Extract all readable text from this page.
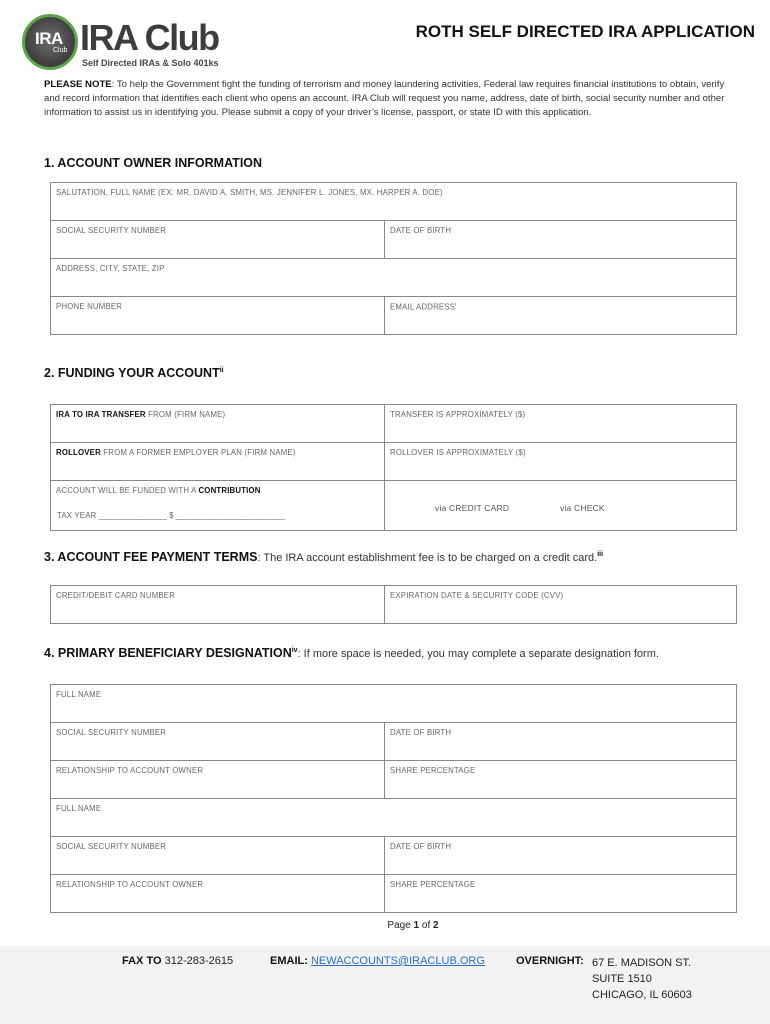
IRA
Club IRA Club
Self Directed IRAs & Solo 401ks
ROTH SELF DIRECTED IRA APPLICATION
PLEASE NOTE: To help the Government fight the funding of terrorism and money laundering activities, Federal law requires financial institutions to obtain, verify and record information that identifies each client who opens an account. IRA Club will request you name, address, date of birth, social security number and other information to assist us in identifying you. Please submit a copy of your driver’s license, passport, or state ID with this application.
1. ACCOUNT OWNER INFORMATION
SALUTATION, FULL NAME (EX: MR. DAVID A. SMITH, MS. JENNIFER L. JONES, MX. HARPER A. DOE)
SOCIAL SECURITY NUMBER	DATE OF BIRTH
ADDRESS, CITY, STATE, ZIP
PHONE NUMBER	EMAIL ADDRESS$^i$
2. FUNDING YOUR ACCOUNT$^{ii}$
IRA TO IRA TRANSFER FROM (FIRM NAME)	TRANSFER IS APPROXIMATELY ($)
ROLLOVER FROM A FORMER EMPLOYER PLAN (FIRM NAME)	ROLLOVER IS APPROXIMATELY ($)
ACCOUNT WILL BE FUNDED WITH A CONTRIBUTION
TAX YEAR _______________ $ ________________________
via CREDIT CARD	via CHECK
3. ACCOUNT FEE PAYMENT TERMS: The IRA account establishment fee is to be charged on a credit card.$^{iii}$
CREDIT/DEBIT CARD NUMBER	EXPIRATION DATE & SECURITY CODE (CVV)
4. PRIMARY BENEFICIARY DESIGNATION$^{iv}$: If more space is needed, you may complete a separate designation form.
FULL NAME
SOCIAL SECURITY NUMBER	DATE OF BIRTH
RELATIONSHIP TO ACCOUNT OWNER	SHARE PERCENTAGE
FULL NAME
SOCIAL SECURITY NUMBER	DATE OF BIRTH
RELATIONSHIP TO ACCOUNT OWNER	SHARE PERCENTAGE
Page 1 of 2
FAX TO 312-283-2615	EMAIL: NEWACCOUNTS@IRACLUB.ORG	OVERNIGHT: 67 E. MADISON ST.
SUITE 1510
CHICAGO, IL 60603
